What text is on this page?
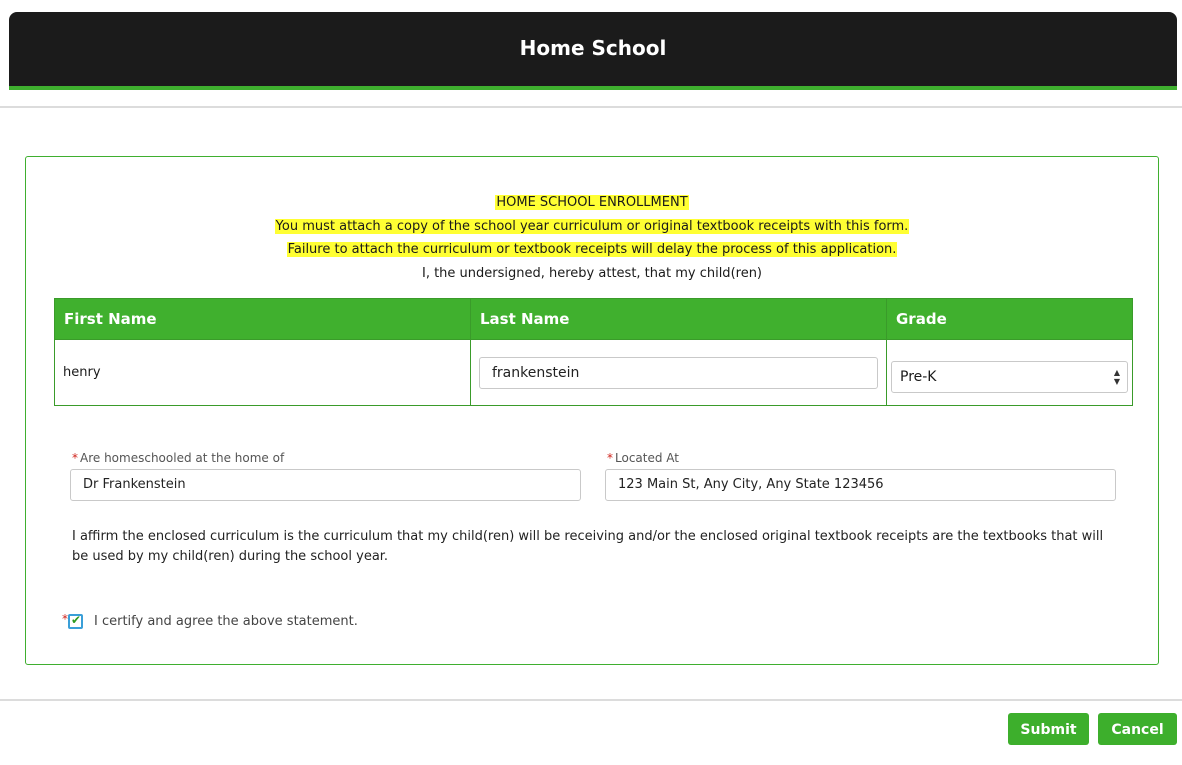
Home School
HOME SCHOOL ENROLLMENT
You must attach a copy of the school year curriculum or original textbook receipts with this form.
Failure to attach the curriculum or textbook receipts will delay the process of this application.
I, the undersigned, hereby attest, that my child(ren)
First Name	Last Name	Grade
henry	frankenstein	Pre-K ▲
▼
* Are homeschooled at the home of
Dr Frankenstein
* Located At
123 Main St, Any City, Any State 123456
I affirm the enclosed curriculum is the curriculum that my child(ren) will be receiving and/or the enclosed original textbook receipts are the textbooks that will be used by my child(ren) during the school year.
* ✔ I certify and agree the above statement.
Submit	Cancel
